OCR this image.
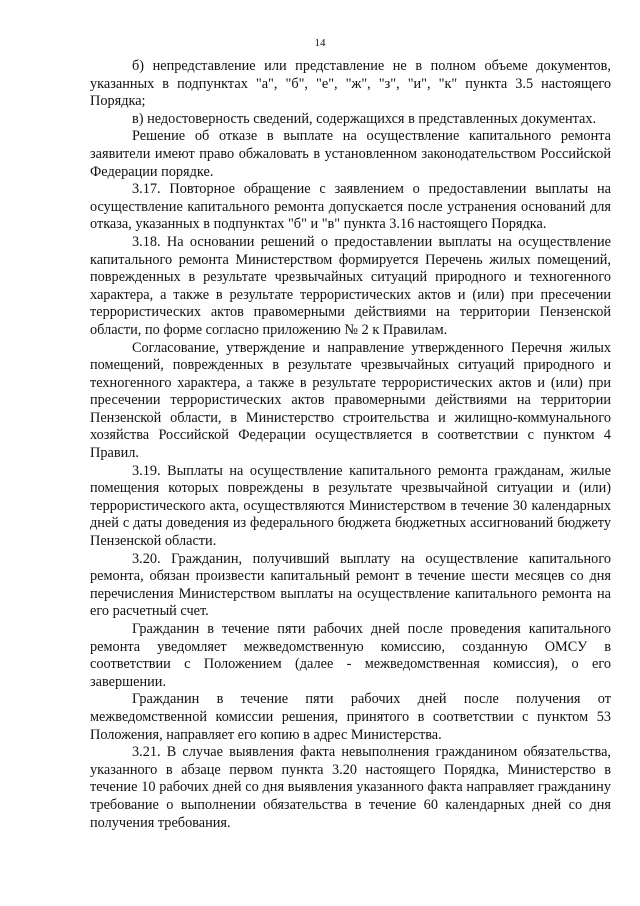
14

б) непредставление или представление не в полном объеме документов, указанных в подпунктах "а", "б", "е", "ж", "з", "и", "к" пункта 3.5 настоящего Порядка;

в) недостоверность сведений, содержащихся в представленных документах.

Решение об отказе в выплате на осуществление капитального ремонта заявители имеют право обжаловать в установленном законодательством Российской Федерации порядке.

3.17. Повторное обращение с заявлением о предоставлении выплаты на осуществление капитального ремонта допускается после устранения оснований для отказа, указанных в подпунктах "б" и "в" пункта 3.16 настоящего Порядка.

3.18. На основании решений о предоставлении выплаты на осуществление капитального ремонта Министерством формируется Перечень жилых помещений, поврежденных в результате чрезвычайных ситуаций природного и техногенного характера, а также в результате террористических актов и (или) при пресечении террористических актов правомерными действиями на территории Пензенской области, по форме согласно приложению № 2 к Правилам.

Согласование, утверждение и направление утвержденного Перечня жилых помещений, поврежденных в результате чрезвычайных ситуаций природного и техногенного характера, а также в результате террористических актов и (или) при пресечении террористических актов правомерными действиями на территории Пензенской области, в Министерство строительства и жилищно-коммунального хозяйства Российской Федерации осуществляется в соответствии с пунктом 4 Правил.

3.19. Выплаты на осуществление капитального ремонта гражданам, жилые помещения которых повреждены в результате чрезвычайной ситуации и (или) террористического акта, осуществляются Министерством в течение 30 календарных дней с даты доведения из федерального бюджета бюджетных ассигнований бюджету Пензенской области.

3.20. Гражданин, получивший выплату на осуществление капитального ремонта, обязан произвести капитальный ремонт в течение шести месяцев со дня перечисления Министерством выплаты на осуществление капитального ремонта на его расчетный счет.

Гражданин в течение пяти рабочих дней после проведения капитального ремонта уведомляет межведомственную комиссию, созданную ОМСУ в соответствии с Положением (далее - межведомственная комиссия), о его завершении.

Гражданин в течение пяти рабочих дней после получения от межведомственной комиссии решения, принятого в соответствии с пунктом 53 Положения, направляет его копию в адрес Министерства.

3.21. В случае выявления факта невыполнения гражданином обязательства, указанного в абзаце первом пункта 3.20 настоящего Порядка, Министерство в течение 10 рабочих дней со дня выявления указанного факта направляет гражданину требование о выполнении обязательства в течение 60 календарных дней со дня получения требования.
